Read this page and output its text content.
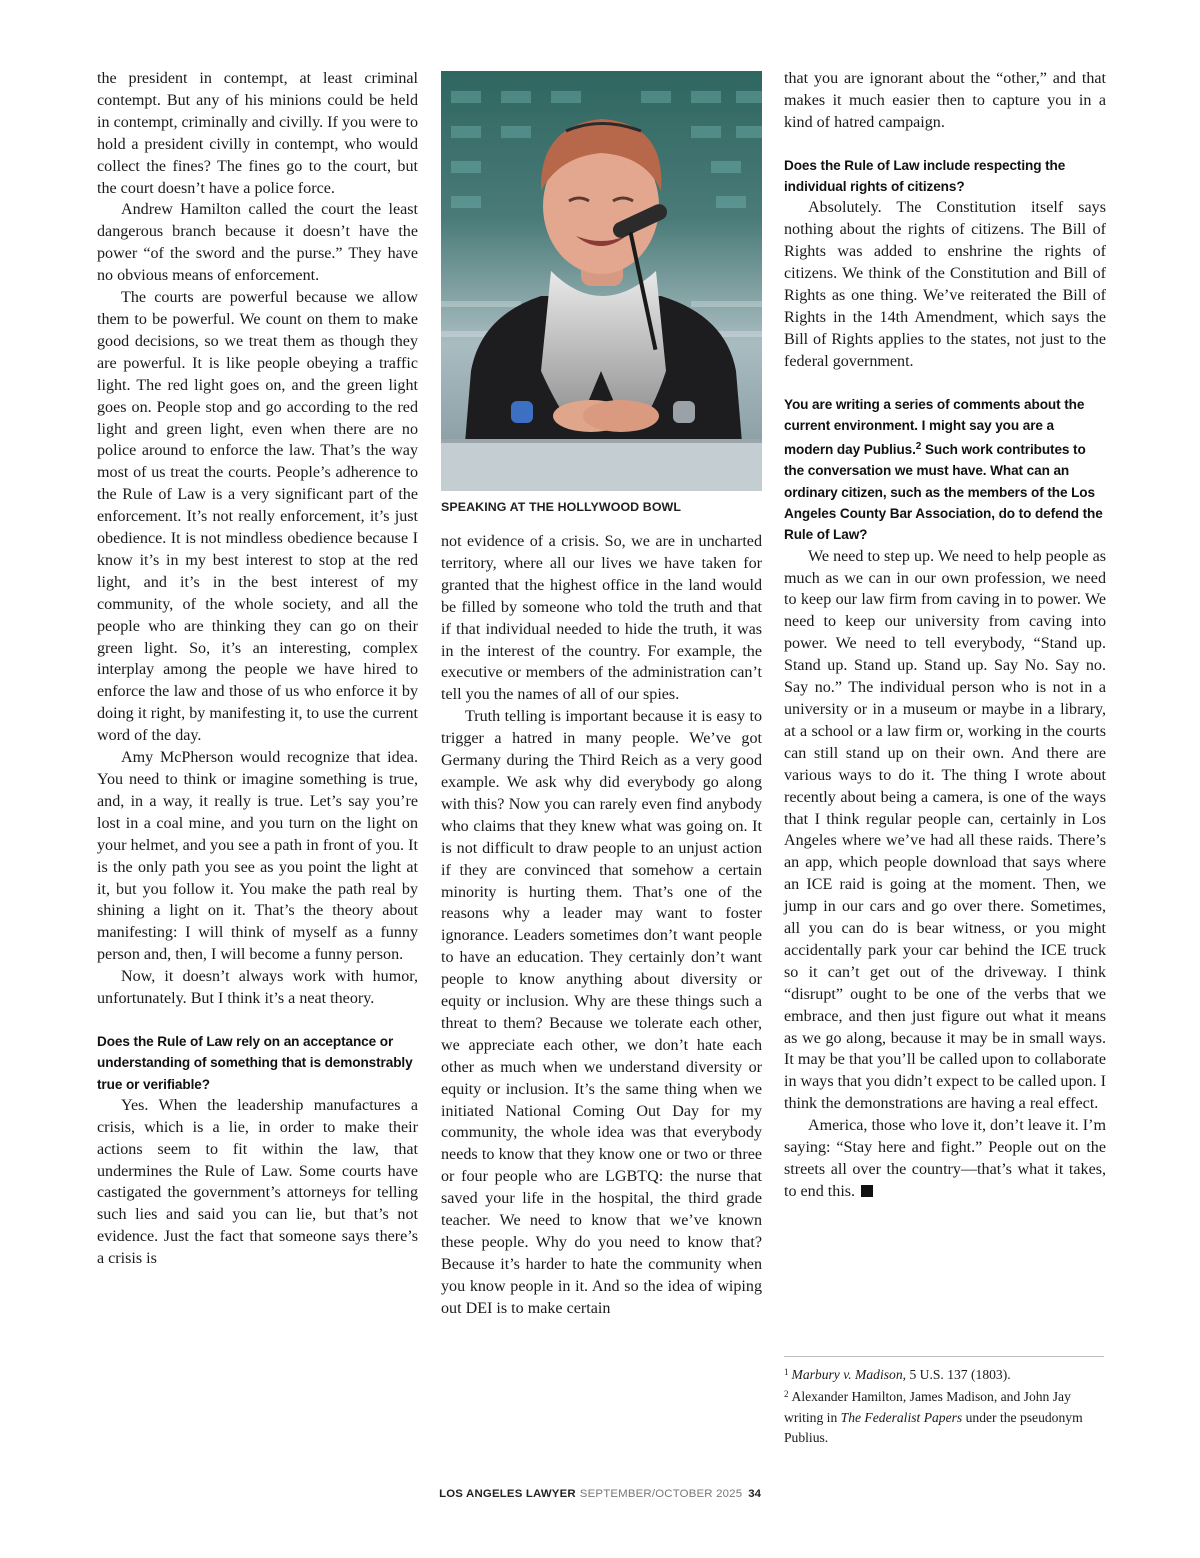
the president in contempt, at least criminal contempt. But any of his minions could be held in contempt, criminally and civilly. If you were to hold a president civilly in contempt, who would collect the fines? The fines go to the court, but the court doesn’t have a police force.

Andrew Hamilton called the court the least dangerous branch because it doesn’t have the power “of the sword and the purse.” They have no obvious means of enforcement.

The courts are powerful because we allow them to be powerful. We count on them to make good decisions, so we treat them as though they are powerful. It is like people obeying a traffic light. The red light goes on, and the green light goes on. People stop and go according to the red light and green light, even when there are no police around to enforce the law. That’s the way most of us treat the courts. People’s adherence to the Rule of Law is a very significant part of the enforcement. It’s not really enforcement, it’s just obedience. It is not mindless obedience because I know it’s in my best interest to stop at the red light, and it’s in the best interest of my community, of the whole society, and all the people who are thinking they can go on their green light. So, it’s an interesting, complex interplay among the people we have hired to enforce the law and those of us who enforce it by doing it right, by manifesting it, to use the current word of the day.

Amy McPherson would recognize that idea. You need to think or imagine something is true, and, in a way, it really is true. Let’s say you’re lost in a coal mine, and you turn on the light on your helmet, and you see a path in front of you. It is the only path you see as you point the light at it, but you follow it. You make the path real by shining a light on it. That’s the theory about manifesting: I will think of myself as a funny person and, then, I will become a funny person.

Now, it doesn’t always work with humor, unfortunately. But I think it’s a neat theory.

Does the Rule of Law rely on an acceptance or understanding of something that is demonstrably true or verifiable?

Yes. When the leadership manufactures a crisis, which is a lie, in order to make their actions seem to fit within the law, that undermines the Rule of Law. Some courts have castigated the government’s attorneys for telling such lies and said you can lie, but that’s not evidence. Just the fact that someone says there’s a crisis is

SPEAKING AT THE HOLLYWOOD BOWL

not evidence of a crisis. So, we are in uncharted territory, where all our lives we have taken for granted that the highest office in the land would be filled by someone who told the truth and that if that individual needed to hide the truth, it was in the interest of the country. For example, the executive or members of the administration can’t tell you the names of all of our spies.

Truth telling is important because it is easy to trigger a hatred in many people. We’ve got Germany during the Third Reich as a very good example. We ask why did everybody go along with this? Now you can rarely even find anybody who claims that they knew what was going on. It is not difficult to draw people to an unjust action if they are convinced that somehow a certain minority is hurting them. That’s one of the reasons why a leader may want to foster ignorance. Leaders sometimes don’t want people to have an education. They certainly don’t want people to know anything about diversity or equity or inclusion. Why are these things such a threat to them? Because we tolerate each other, we appreciate each other, we don’t hate each other as much when we understand diversity or equity or inclusion. It’s the same thing when we initiated National Coming Out Day for my community, the whole idea was that everybody needs to know that they know one or two or three or four people who are LGBTQ: the nurse that saved your life in the hospital, the third grade teacher. We need to know that we’ve known these people. Why do you need to know that? Because it’s harder to hate the community when you know people in it. And so the idea of wiping out DEI is to make certain

that you are ignorant about the “other,” and that makes it much easier then to capture you in a kind of hatred campaign.

Does the Rule of Law include respecting the individual rights of citizens?

Absolutely. The Constitution itself says nothing about the rights of citizens. The Bill of Rights was added to enshrine the rights of citizens. We think of the Constitution and Bill of Rights as one thing. We’ve reiterated the Bill of Rights in the 14th Amendment, which says the Bill of Rights applies to the states, not just to the federal government.

You are writing a series of comments about the current environment. I might say you are a modern day Publius.$^2$ Such work contributes to the conversation we must have. What can an ordinary citizen, such as the members of the Los Angeles County Bar Association, do to defend the Rule of Law?

We need to step up. We need to help people as much as we can in our own profession, we need to keep our law firm from caving in to power. We need to keep our university from caving into power. We need to tell everybody, “Stand up. Stand up. Stand up. Stand up. Say No. Say no. Say no.” The individual person who is not in a university or in a museum or maybe in a library, at a school or a law firm or, working in the courts can still stand up on their own. And there are various ways to do it. The thing I wrote about recently about being a camera, is one of the ways that I think regular people can, certainly in Los Angeles where we’ve had all these raids. There’s an app, which people download that says where an ICE raid is going at the moment. Then, we jump in our cars and go over there. Sometimes, all you can do is bear witness, or you might accidentally park your car behind the ICE truck so it can’t get out of the driveway. I think “disrupt” ought to be one of the verbs that we embrace, and then just figure out what it means as we go along, because it may be in small ways. It may be that you’ll be called upon to collaborate in ways that you didn’t expect to be called upon. I think the demonstrations are having a real effect.

America, those who love it, don’t leave it. I’m saying: “Stay here and fight.” People out on the streets all over the country—that’s what it takes, to end this.

$^1$ Marbury v. Madison, 5 U.S. 137 (1803).
$^2$ Alexander Hamilton, James Madison, and John Jay writing in The Federalist Papers under the pseudonym Publius.
LOS ANGELES LAWYER SEPTEMBER/OCTOBER 2025 34
